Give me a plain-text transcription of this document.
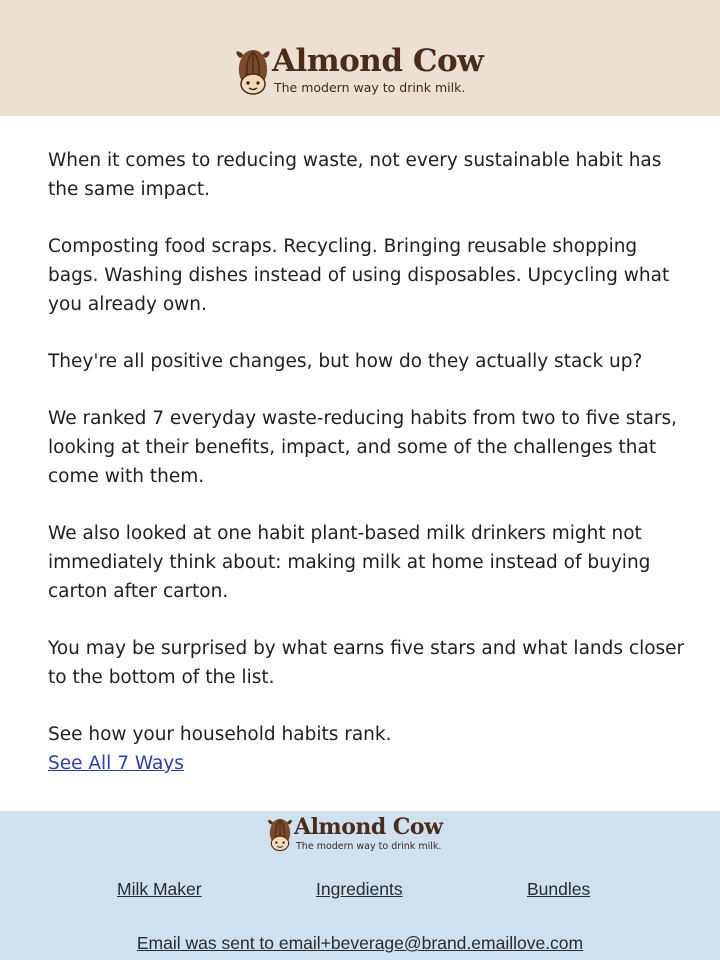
Almond Cow
The modern way to drink milk.

When it comes to reducing waste, not every sustainable habit has the same impact.

Composting food scraps. Recycling. Bringing reusable shopping bags. Washing dishes instead of using disposables. Upcycling what you already own.

They're all positive changes, but how do they actually stack up?

We ranked 7 everyday waste-reducing habits from two to five stars, looking at their benefits, impact, and some of the challenges that come with them.

We also looked at one habit plant-based milk drinkers might not immediately think about: making milk at home instead of buying carton after carton.

You may be surprised by what earns five stars and what lands closer to the bottom of the list.

See how your household habits rank.
See All 7 Ways

Almond Cow
The modern way to drink milk.
Milk Maker	Ingredients	Bundles
Email was sent to email+beverage@brand.emaillove.com
